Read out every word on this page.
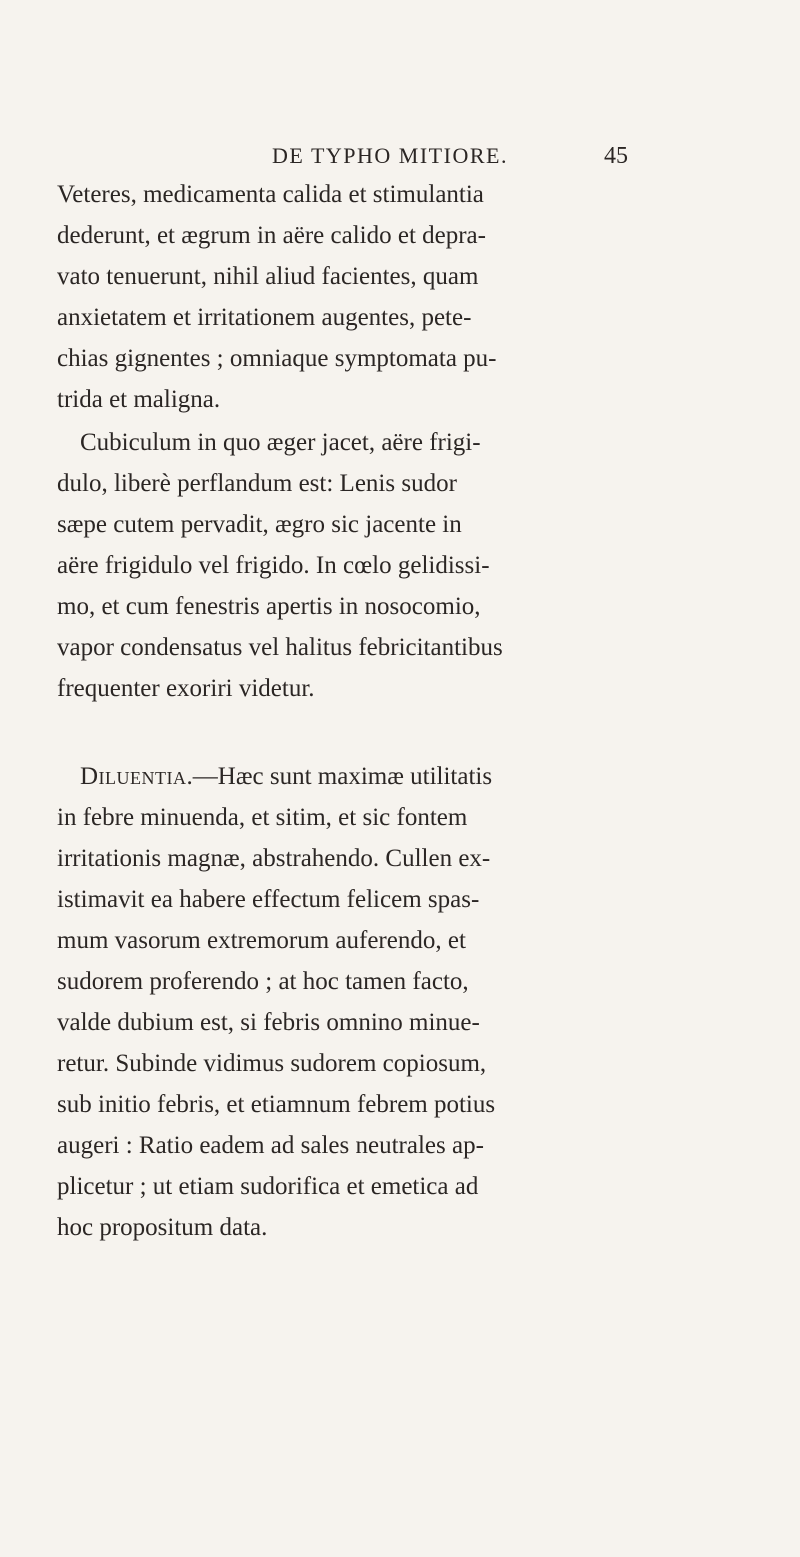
DE TYPHO MITIORE.	45
Veteres, medicamenta calida et stimulantia
dederunt, et ægrum in aëre calido et depra-
vato tenuerunt, nihil aliud facientes, quam
anxietatem et irritationem augentes, pete-
chias gignentes ; omniaque symptomata pu-
trida et maligna.
Cubiculum in quo æger jacet, aëre frigi-
dulo, liberè perflandum est: Lenis sudor
sæpe cutem pervadit, ægro sic jacente in
aëre frigidulo vel frigido. In cœlo gelidissi-
mo, et cum fenestris apertis in nosocomio,
vapor condensatus vel halitus febricitantibus
frequenter exoriri videtur.
Diluentia.—Hæc sunt maximæ utilitatis
in febre minuenda, et sitim, et sic fontem
irritationis magnæ, abstrahendo. Cullen ex-
istimavit ea habere effectum felicem spas-
mum vasorum extremorum auferendo, et
sudorem proferendo ; at hoc tamen facto,
valde dubium est, si febris omnino minue-
retur. Subinde vidimus sudorem copiosum,
sub initio febris, et etiamnum febrem potius
augeri : Ratio eadem ad sales neutrales ap-
plicetur ; ut etiam sudorifica et emetica ad
hoc propositum data.
